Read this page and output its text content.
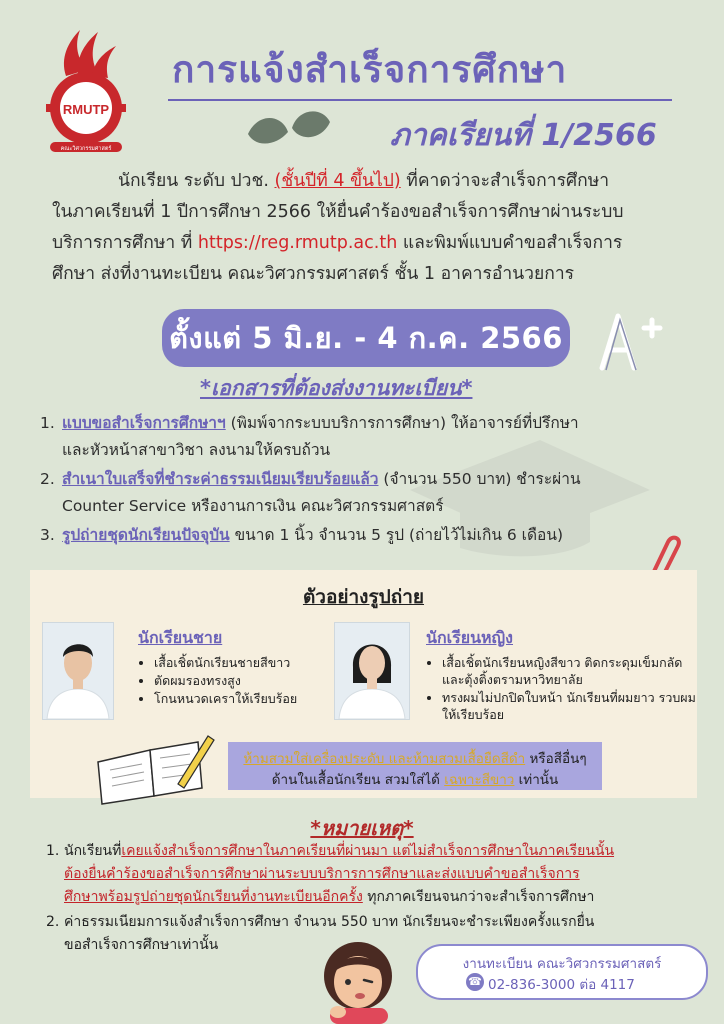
RMUTP
คณะวิศวกรรมศาสตร์
การแจ้งสำเร็จการศึกษา
ภาคเรียนที่ 1/2566

นักเรียน ระดับ ปวช. (ชั้นปีที่ 4 ขึ้นไป) ที่คาดว่าจะสำเร็จการศึกษา

ในภาคเรียนที่ 1 ปีการศึกษา 2566 ให้ยื่นคำร้องขอสำเร็จการศึกษาผ่านระบบ

บริการการศึกษา ที่ https://reg.rmutp.ac.th และพิมพ์แบบคำขอสำเร็จการ

ศึกษา ส่งที่งานทะเบียน คณะวิศวกรรมศาสตร์ ชั้น 1 อาคารอำนวยการ

ตั้งแต่ 5 มิ.ย. - 4 ก.ค. 2566
*เอกสารที่ต้องส่งงานทะเบียน*
1. แบบขอสำเร็จการศึกษาฯ (พิมพ์จากระบบบริการการศึกษา) ให้อาจารย์ที่ปรึกษา
และหัวหน้าสาขาวิชา ลงนามให้ครบถ้วน
2. สำเนาใบเสร็จที่ชำระค่าธรรมเนียมเรียบร้อยแล้ว (จำนวน 550 บาท) ชำระผ่าน
Counter Service หรืองานการเงิน คณะวิศวกรรมศาสตร์
3. รูปถ่ายชุดนักเรียนปัจจุบัน ขนาด 1 นิ้ว จำนวน 5 รูป (ถ่ายไว้ไม่เกิน 6 เดือน)
ตัวอย่างรูปถ่าย
นักเรียนชาย
• เสื้อเชิ้ตนักเรียนชายสีขาว
• ตัดผมรองทรงสูง
• โกนหนวดเคราให้เรียบร้อย
นักเรียนหญิง
• เสื้อเชิ้ตนักเรียนหญิงสีขาว ติดกระดุมเข็มกลัด และตุ้งติ้งตรามหาวิทยาลัย
• ทรงผมไม่ปกปิดใบหน้า นักเรียนที่ผมยาว รวบผมให้เรียบร้อย
ห้ามสวมใส่เครื่องประดับ และห้ามสวมเสื้อยืดสีดำ หรือสีอื่นๆ
ด้านในเสื้อนักเรียน สวมใส่ได้ เฉพาะสีขาว เท่านั้น
*หมายเหตุ*
1. นักเรียนที่เคยแจ้งสำเร็จการศึกษาในภาคเรียนที่ผ่านมา แต่ไม่สำเร็จการศึกษาในภาคเรียนนั้น
ต้องยื่นคำร้องขอสำเร็จการศึกษาผ่านระบบบริการการศึกษาและส่งแบบคำขอสำเร็จการ
ศึกษาพร้อมรูปถ่ายชุดนักเรียนที่งานทะเบียนอีกครั้ง ทุกภาคเรียนจนกว่าจะสำเร็จการศึกษา
2. ค่าธรรมเนียมการแจ้งสำเร็จการศึกษา จำนวน 550 บาท นักเรียนจะชำระเพียงครั้งแรกยื่น
ขอสำเร็จการศึกษาเท่านั้น
งานทะเบียน คณะวิศวกรรมศาสตร์
☎ 02-836-3000 ต่อ 4117
